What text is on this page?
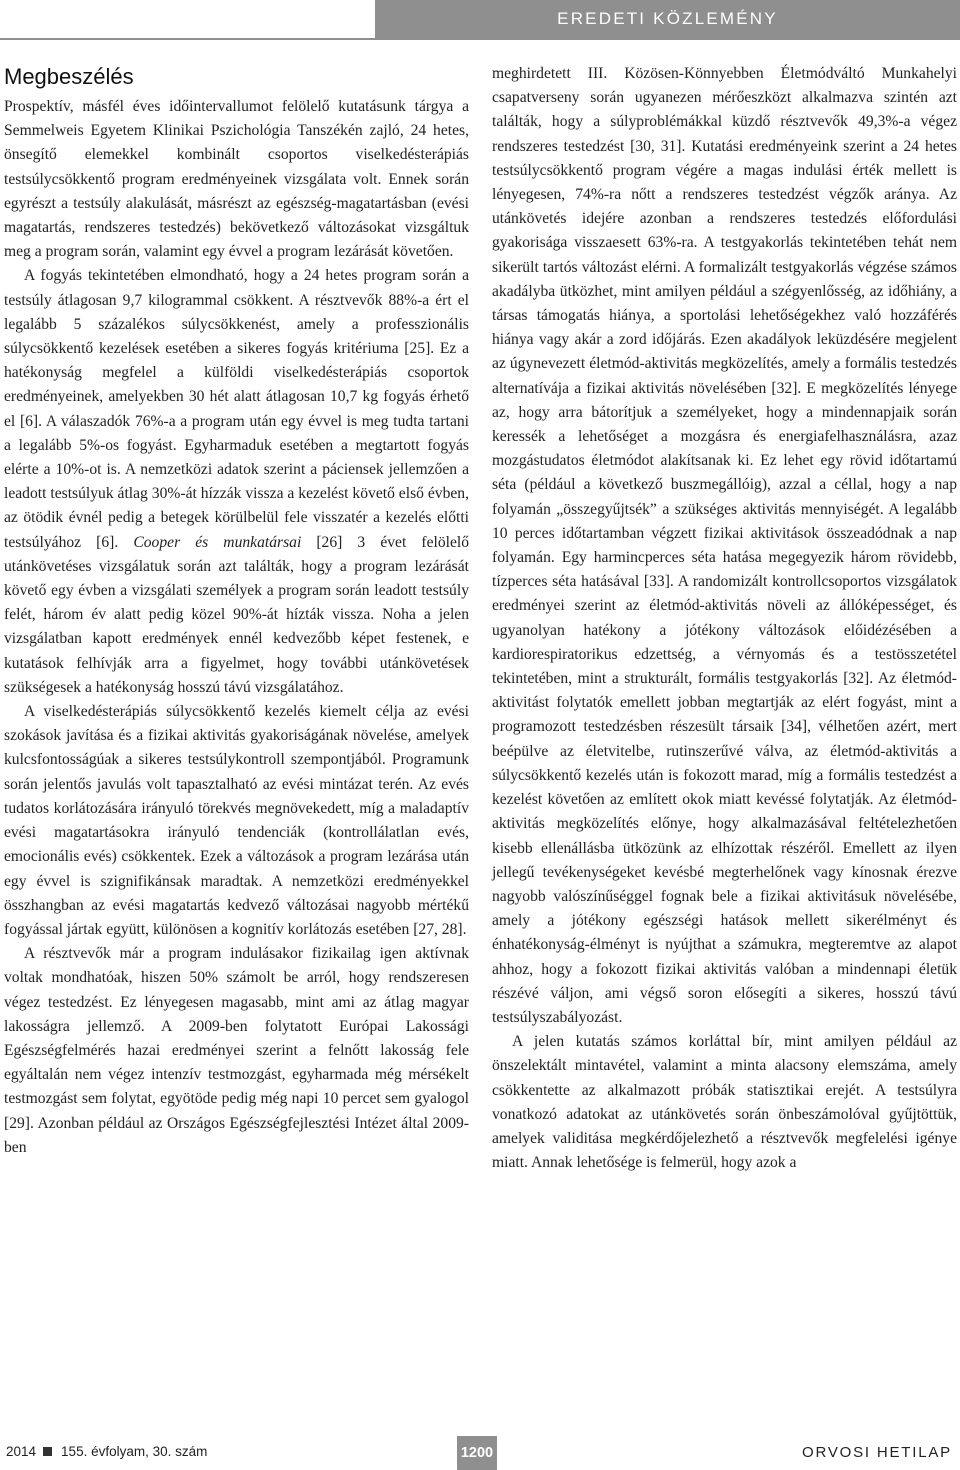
EREDETI KÖZLEMÉNY
Megbeszélés

Prospektív, másfél éves időintervallumot felölelő kutatásunk tárgya a Semmelweis Egyetem Klinikai Pszichológia Tanszékén zajló, 24 hetes, önsegítő elemekkel kombinált csoportos viselkedésterápiás testsúlycsökkentő program eredményeinek vizsgálata volt. Ennek során egyrészt a testsúly alakulását, másrészt az egészség-magatartásban (evési magatartás, rendszeres testedzés) bekövetkező változásokat vizsgáltuk meg a program során, valamint egy évvel a program lezárását követően.

A fogyás tekintetében elmondható, hogy a 24 hetes program során a testsúly átlagosan 9,7 kilogrammal csökkent. A résztvevők 88%-a ért el legalább 5 százalékos súlycsökkenést, amely a professzionális súlycsökkentő kezelések esetében a sikeres fogyás kritériuma [25]. Ez a hatékonyság megfelel a külföldi viselkedésterápiás csoportok eredményeinek, amelyekben 30 hét alatt átlagosan 10,7 kg fogyás érhető el [6]. A válaszadók 76%-a a program után egy évvel is meg tudta tartani a legalább 5%-os fogyást. Egyharmaduk esetében a megtartott fogyás elérte a 10%-ot is. A nemzetközi adatok szerint a páciensek jellemzően a leadott testsúlyuk átlag 30%-át hízzák vissza a kezelést követő első évben, az ötödik évnél pedig a betegek körülbelül fele visszatér a kezelés előtti testsúlyához [6]. Cooper és munkatársai [26] 3 évet felölelő utánkövetéses vizsgálatuk során azt találták, hogy a program lezárását követő egy évben a vizsgálati személyek a program során leadott testsúly felét, három év alatt pedig közel 90%-át hízták vissza. Noha a jelen vizsgálatban kapott eredmények ennél kedvezőbb képet festenek, e kutatások felhívják arra a figyelmet, hogy további utánkövetések szükségesek a hatékonyság hosszú távú vizsgálatához.

A viselkedésterápiás súlycsökkentő kezelés kiemelt célja az evési szokások javítása és a fizikai aktivitás gyakoriságának növelése, amelyek kulcsfontosságúak a sikeres testsúlykontroll szempontjából. Programunk során jelentős javulás volt tapasztalható az evési mintázat terén. Az evés tudatos korlátozására irányuló törekvés megnövekedett, míg a maladaptív evési magatartásokra irányuló tendenciák (kontrollálatlan evés, emocionális evés) csökkentek. Ezek a változások a program lezárása után egy évvel is szignifikánsak maradtak. A nemzetközi eredményekkel összhangban az evési magatartás kedvező változásai nagyobb mértékű fogyással jártak együtt, különösen a kognitív korlátozás esetében [27, 28].

A résztvevők már a program indulásakor fizikailag igen aktívnak voltak mondhatóak, hiszen 50% számolt be arról, hogy rendszeresen végez testedzést. Ez lényegesen magasabb, mint ami az átlag magyar lakosságra jellemző. A 2009-ben folytatott Európai Lakossági Egészségfelmérés hazai eredményei szerint a felnőtt lakosság fele egyáltalán nem végez intenzív testmozgást, egyharmada még mérsékelt testmozgást sem folytat, egyötöde pedig még napi 10 percet sem gyalogol [29]. Azonban például az Országos Egészségfejlesztési Intézet által 2009-ben

meghirdetett III. Közösen-Könnyebben Életmódváltó Munkahelyi csapatverseny során ugyanezen mérőeszközt alkalmazva szintén azt találták, hogy a súlyproblémákkal küzdő résztvevők 49,3%-a végez rendszeres testedzést [30, 31]. Kutatási eredményeink szerint a 24 hetes testsúlycsökkentő program végére a magas indulási érték mellett is lényegesen, 74%-ra nőtt a rendszeres testedzést végzők aránya. Az utánkövetés idejére azonban a rendszeres testedzés előfordulási gyakorisága visszaesett 63%-ra. A testgyakorlás tekintetében tehát nem sikerült tartós változást elérni. A formalizált testgyakorlás végzése számos akadályba ütközhet, mint amilyen például a szégyenlősség, az időhiány, a társas támogatás hiánya, a sportolási lehetőségekhez való hozzáférés hiánya vagy akár a zord időjárás. Ezen akadályok leküzdésére megjelent az úgynevezett életmód-aktivitás megközelítés, amely a formális testedzés alternatívája a fizikai aktivitás növelésében [32]. E megközelítés lényege az, hogy arra bátorítjuk a személyeket, hogy a mindennapjaik során keressék a lehetőséget a mozgásra és energiafelhasználásra, azaz mozgástudatos életmódot alakítsanak ki. Ez lehet egy rövid időtartamú séta (például a következő buszmegállóig), azzal a céllal, hogy a nap folyamán „összegyűjtsék” a szükséges aktivitás mennyiségét. A legalább 10 perces időtartamban végzett fizikai aktivitások összeadódnak a nap folyamán. Egy harmincperces séta hatása megegyezik három rövidebb, tízperces séta hatásával [33]. A randomizált kontrollcsoportos vizsgálatok eredményei szerint az életmód-aktivitás növeli az állóképességet, és ugyanolyan hatékony a jótékony változások előidézésében a kardiorespiratorikus edzettség, a vérnyomás és a testösszetétel tekintetében, mint a strukturált, formális testgyakorlás [32]. Az életmód-aktivitást folytatók emellett jobban megtartják az elért fogyást, mint a programozott testedzésben részesült társaik [34], vélhetően azért, mert beépülve az életvitelbe, rutinszerűvé válva, az életmód-aktivitás a súlycsökkentő kezelés után is fokozott marad, míg a formális testedzést a kezelést követően az említett okok miatt kevéssé folytatják. Az életmód-aktivitás megközelítés előnye, hogy alkalmazásával feltételezhetően kisebb ellenállásba ütközünk az elhízottak részéről. Emellett az ilyen jellegű tevékenységeket kevésbé megterhelőnek vagy kínosnak érezve nagyobb valószínűséggel fognak bele a fizikai aktivitásuk növelésébe, amely a jótékony egészségi hatások mellett sikerélményt és énhatékonyság-élményt is nyújthat a számukra, megteremtve az alapot ahhoz, hogy a fokozott fizikai aktivitás valóban a mindennapi életük részévé váljon, ami végső soron elősegíti a sikeres, hosszú távú testsúlyszabályozást.

A jelen kutatás számos korláttal bír, mint amilyen például az önszelektált mintavétel, valamint a minta alacsony elemszáma, amely csökkentette az alkalmazott próbák statisztikai erejét. A testsúlyra vonatkozó adatokat az utánkövetés során önbeszámolóval gyűjtöttük, amelyek validitása megkérdőjelezhető a résztvevők megfelelési igénye miatt. Annak lehetősége is felmerül, hogy azok a

2014 155. évfolyam, 30. szám	1200	ORVOSI HETILAP
